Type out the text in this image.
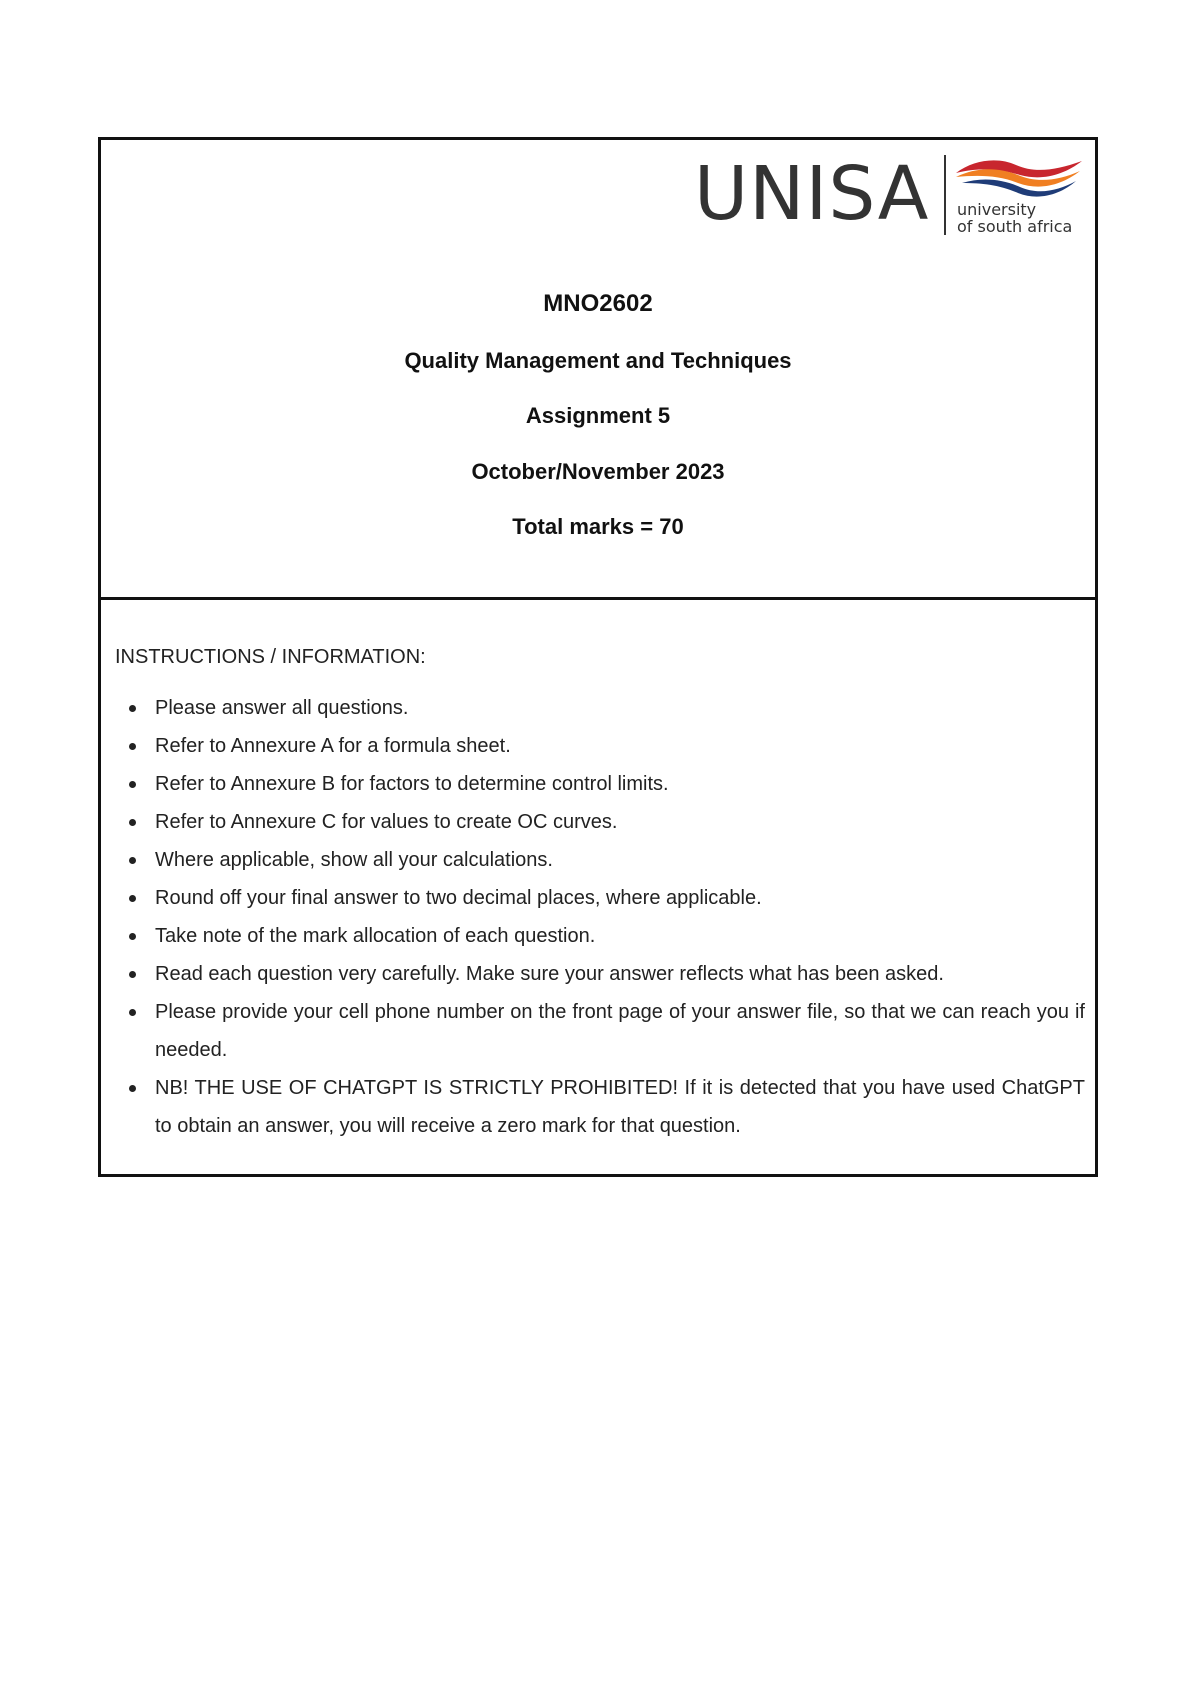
UNISA university
of south africa
MNO2602
Quality Management and Techniques
Assignment 5
October/November 2023
Total marks = 70
INSTRUCTIONS / INFORMATION:
Please answer all questions.
Refer to Annexure A for a formula sheet.
Refer to Annexure B for factors to determine control limits.
Refer to Annexure C for values to create OC curves.
Where applicable, show all your calculations.
Round off your final answer to two decimal places, where applicable.
Take note of the mark allocation of each question.
Read each question very carefully. Make sure your answer reflects what has been asked.
Please provide your cell phone number on the front page of your answer file, so that we can reach you if needed.
NB! THE USE OF CHATGPT IS STRICTLY PROHIBITED! If it is detected that you have used ChatGPT to obtain an answer, you will receive a zero mark for that question.
